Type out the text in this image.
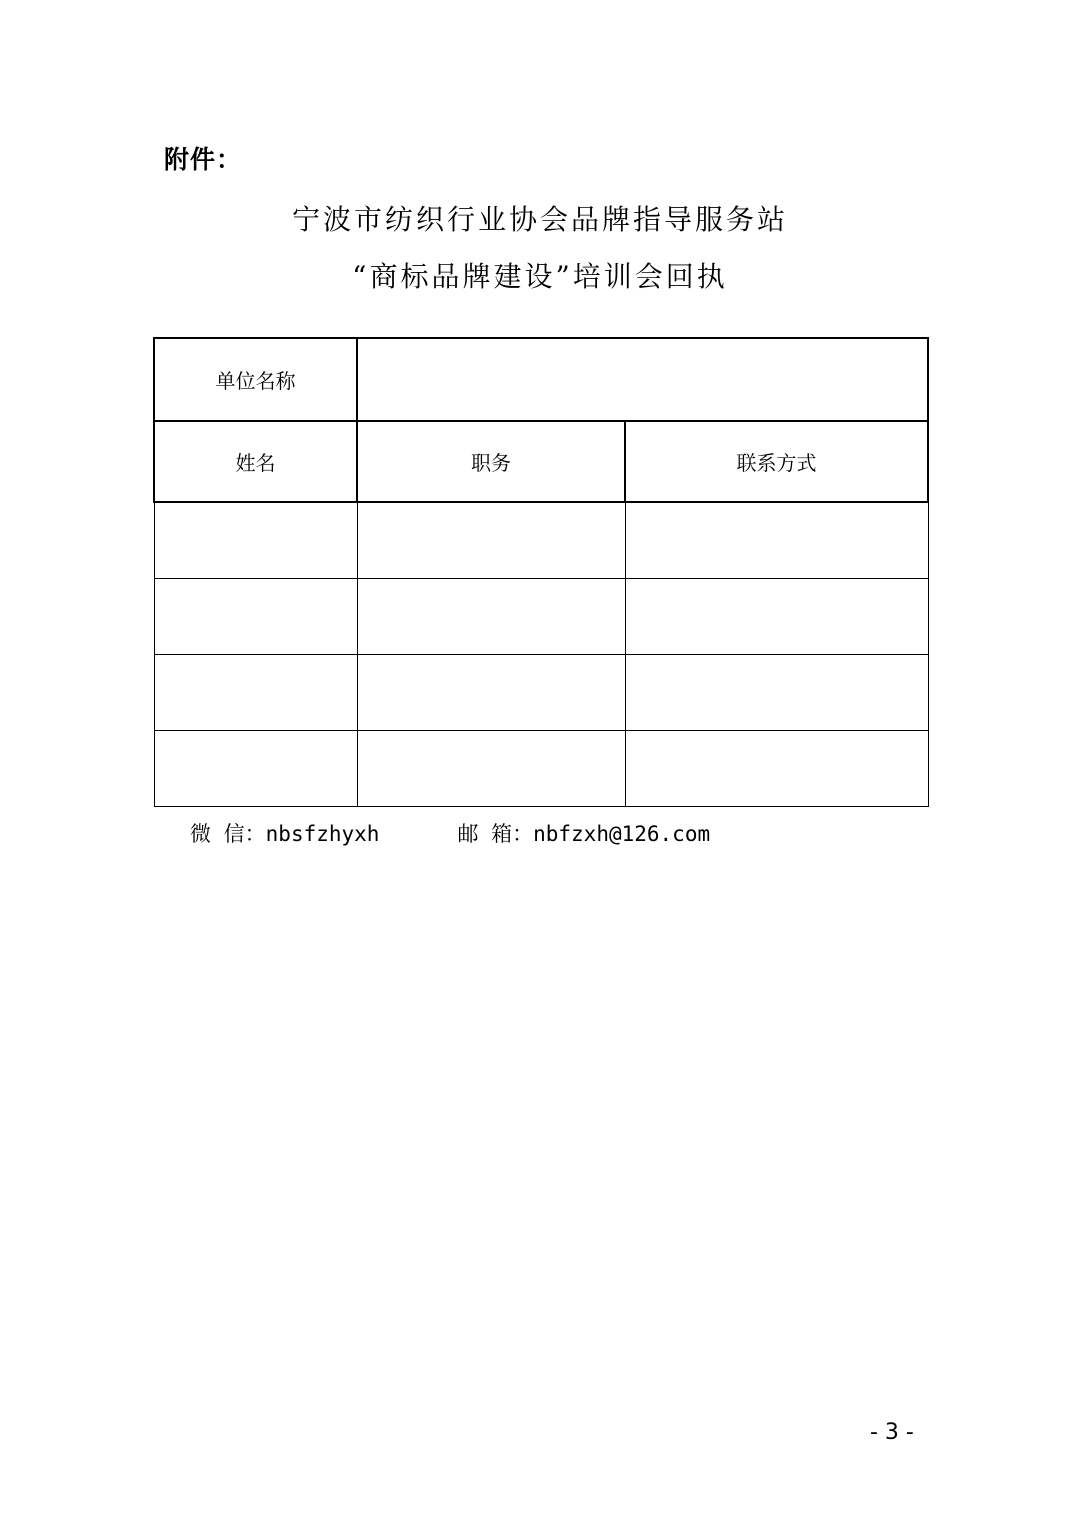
附件：
宁波市纺织行业协会品牌指导服务站
“商标品牌建设”培训会回执
单位名称		
姓名	职务	联系方式

微 信：nbsfzhyxh	邮 箱：nbfzxh@126.com
- 3 -
